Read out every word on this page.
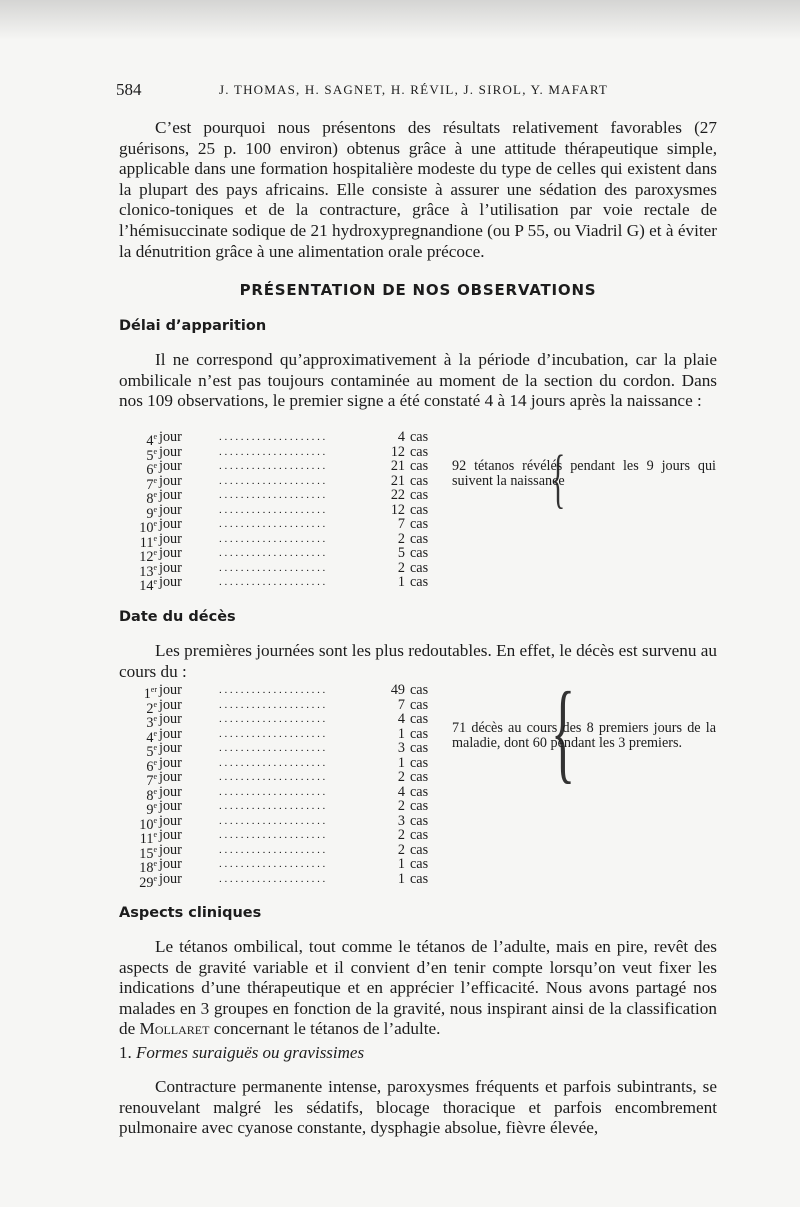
584	J. THOMAS, H. SAGNET, H. RÉVIL, J. SIROL, Y. MAFART

C’est pourquoi nous présentons des résultats relativement favorables (27 guérisons, 25 p. 100 environ) obtenus grâce à une attitude thérapeutique simple, applicable dans une formation hospitalière modeste du type de celles qui existent dans la plupart des pays africains. Elle consiste à assurer une sédation des paroxysmes clonico-toniques et de la contracture, grâce à l’utilisation par voie rectale de l’hémisuccinate sodique de 21 hydroxypregnandione (ou P 55, ou Viadril G) et à éviter la dénutrition grâce à une alimentation orale précoce.

PRÉSENTATION DE NOS OBSERVATIONS
Délai d’apparition

Il ne correspond qu’approximativement à la période d’incubation, car la plaie ombilicale n’est pas toujours contaminée au moment de la section du cordon. Dans nos 109 observations, le premier signe a été constaté 4 à 14 jours après la naissance :

4e jour	....................	4 cas
5e jour	....................	12 cas
6e jour	....................	21 cas
7e jour	....................	21 cas
8e jour	....................	22 cas
9e jour	....................	12 cas
10e jour	....................	7 cas
11e jour	....................	2 cas
12e jour	....................	5 cas
13e jour	....................	2 cas
14e jour	....................	1 cas
{
92 tétanos révélés pendant les 9 jours qui suivent la naissance
Date du décès

Les premières journées sont les plus redoutables. En effet, le décès est survenu au cours du :

1er jour	....................	49 cas
2e jour	....................	7 cas
3e jour	....................	4 cas
4e jour	....................	1 cas
5e jour	....................	3 cas
6e jour	....................	1 cas
7e jour	....................	2 cas
8e jour	....................	4 cas
9e jour	....................	2 cas
10e jour	....................	3 cas
11e jour	....................	2 cas
15e jour	....................	2 cas
18e jour	....................	1 cas
29e jour	....................	1 cas
{
71 décès au cours des 8 premiers jours de la maladie, dont 60 pendant les 3 premiers.
Aspects cliniques

Le tétanos ombilical, tout comme le tétanos de l’adulte, mais en pire, revêt des aspects de gravité variable et il convient d’en tenir compte lorsqu’on veut fixer les indications d’une thérapeutique et en apprécier l’efficacité. Nous avons partagé nos malades en 3 groupes en fonction de la gravité, nous inspirant ainsi de la classification de Mollaret concernant le tétanos de l’adulte.

1. Formes suraiguës ou gravissimes

Contracture permanente intense, paroxysmes fréquents et parfois subintrants, se renouvelant malgré les sédatifs, blocage thoracique et parfois encombrement pulmonaire avec cyanose constante, dysphagie absolue, fièvre élevée,
